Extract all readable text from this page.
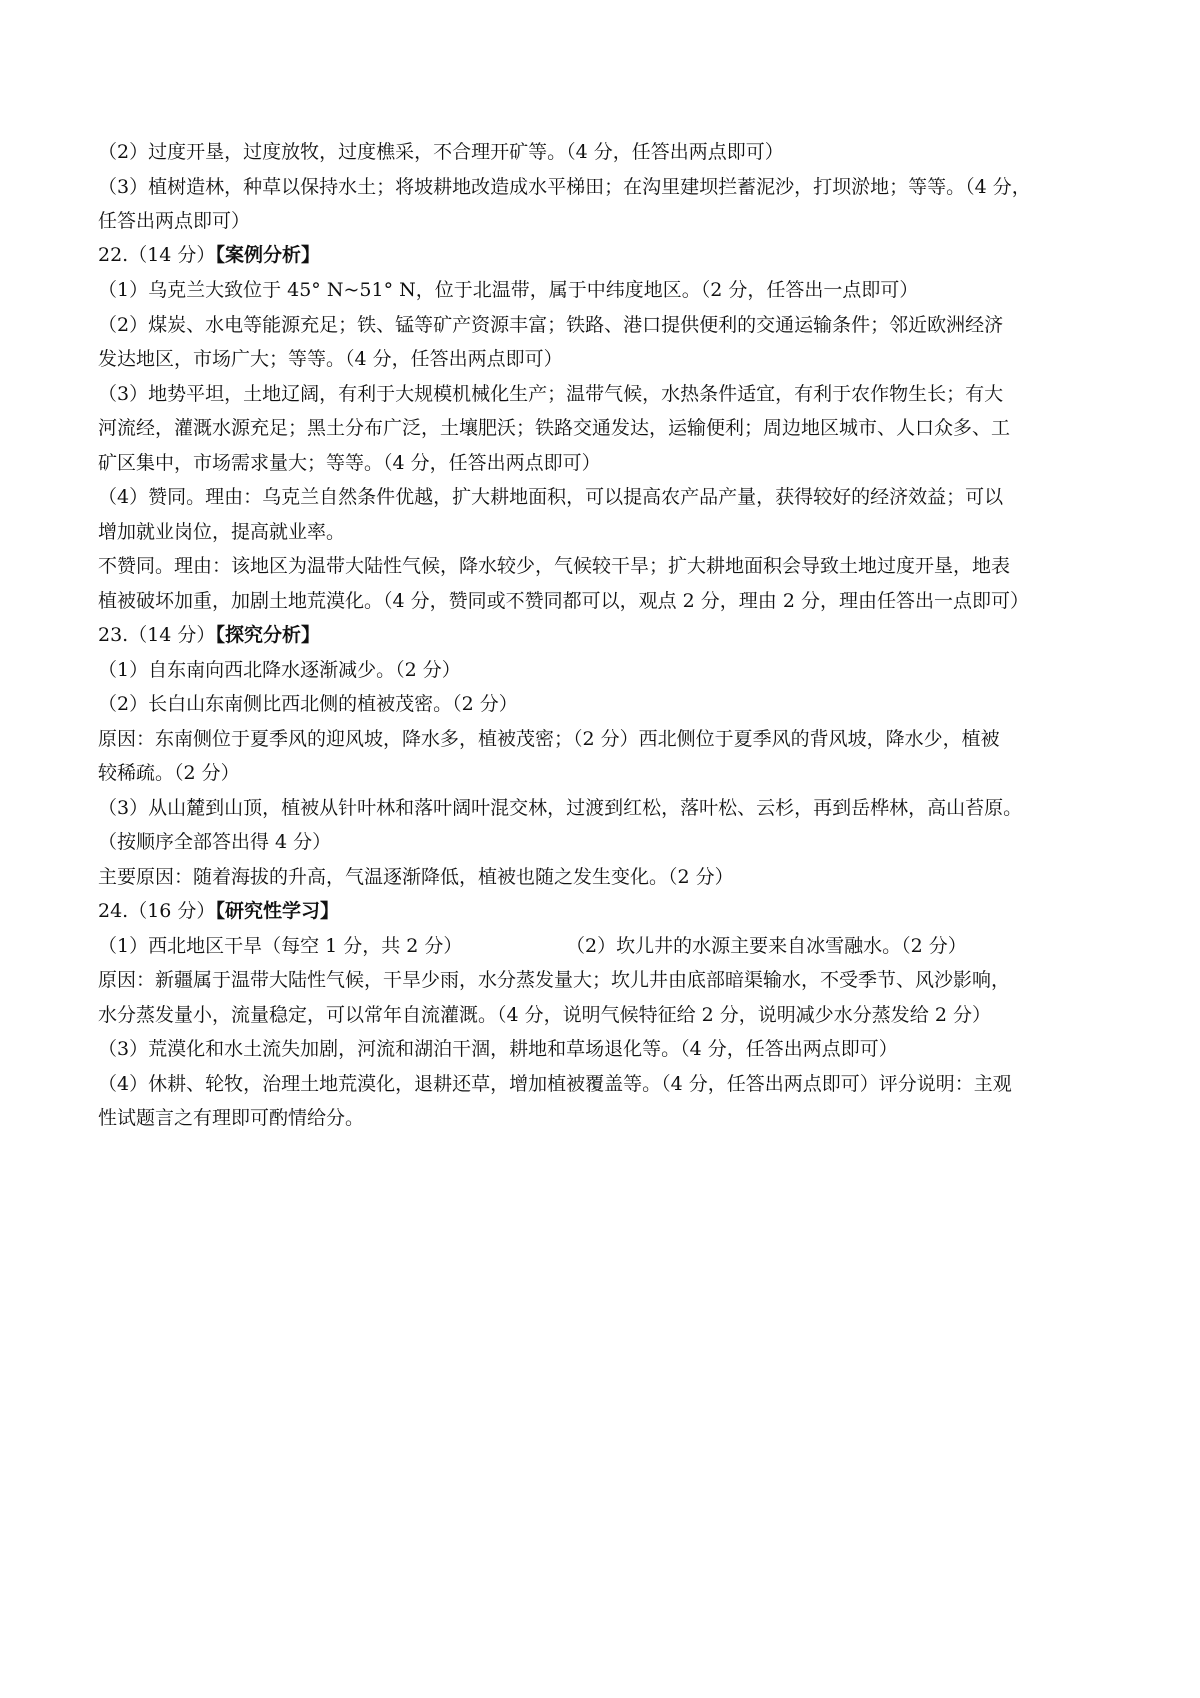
（2）过度开垦，过度放牧，过度樵采，不合理开矿等。（4 分，任答出两点即可）
（3）植树造林，种草以保持水土；将坡耕地改造成水平梯田；在沟里建坝拦蓄泥沙，打坝淤地；等等。（4 分，
任答出两点即可）
22.（14 分）【案例分析】
（1）乌克兰大致位于 45° N~51° N，位于北温带，属于中纬度地区。（2 分，任答出一点即可）
（2）煤炭、水电等能源充足；铁、锰等矿产资源丰富；铁路、港口提供便利的交通运输条件；邻近欧洲经济
发达地区，市场广大；等等。（4 分，任答出两点即可）
（3）地势平坦，土地辽阔，有利于大规模机械化生产；温带气候，水热条件适宜，有利于农作物生长；有大
河流经，灌溉水源充足；黑土分布广泛，土壤肥沃；铁路交通发达，运输便利；周边地区城市、人口众多、工
矿区集中，市场需求量大；等等。（4 分，任答出两点即可）
（4）赞同。理由：乌克兰自然条件优越，扩大耕地面积，可以提高农产品产量，获得较好的经济效益；可以
增加就业岗位，提高就业率。
不赞同。理由：该地区为温带大陆性气候，降水较少，气候较干旱；扩大耕地面积会导致土地过度开垦，地表
植被破坏加重，加剧土地荒漠化。（4 分，赞同或不赞同都可以，观点 2 分，理由 2 分，理由任答出一点即可）
23.（14 分）【探究分析】
（1）自东南向西北降水逐渐减少。（2 分）
（2）长白山东南侧比西北侧的植被茂密。（2 分）
原因：东南侧位于夏季风的迎风坡，降水多，植被茂密；（2 分）西北侧位于夏季风的背风坡，降水少，植被
较稀疏。（2 分）
（3）从山麓到山顶，植被从针叶林和落叶阔叶混交林，过渡到红松，落叶松、云杉，再到岳桦林，高山苔原。
（按顺序全部答出得 4 分）
主要原因：随着海拔的升高，气温逐渐降低，植被也随之发生变化。（2 分）
24.（16 分）【研究性学习】
（1）西北地区干旱（每空 1 分，共 2 分）	（2）坎儿井的水源主要来自冰雪融水。（2 分）
原因：新疆属于温带大陆性气候，干旱少雨，水分蒸发量大；坎儿井由底部暗渠输水，不受季节、风沙影响，
水分蒸发量小，流量稳定，可以常年自流灌溉。（4 分，说明气候特征给 2 分，说明减少水分蒸发给 2 分）
（3）荒漠化和水土流失加剧，河流和湖泊干涸，耕地和草场退化等。（4 分，任答出两点即可）
（4）休耕、轮牧，治理土地荒漠化，退耕还草，增加植被覆盖等。（4 分，任答出两点即可）评分说明：主观
性试题言之有理即可酌情给分。
